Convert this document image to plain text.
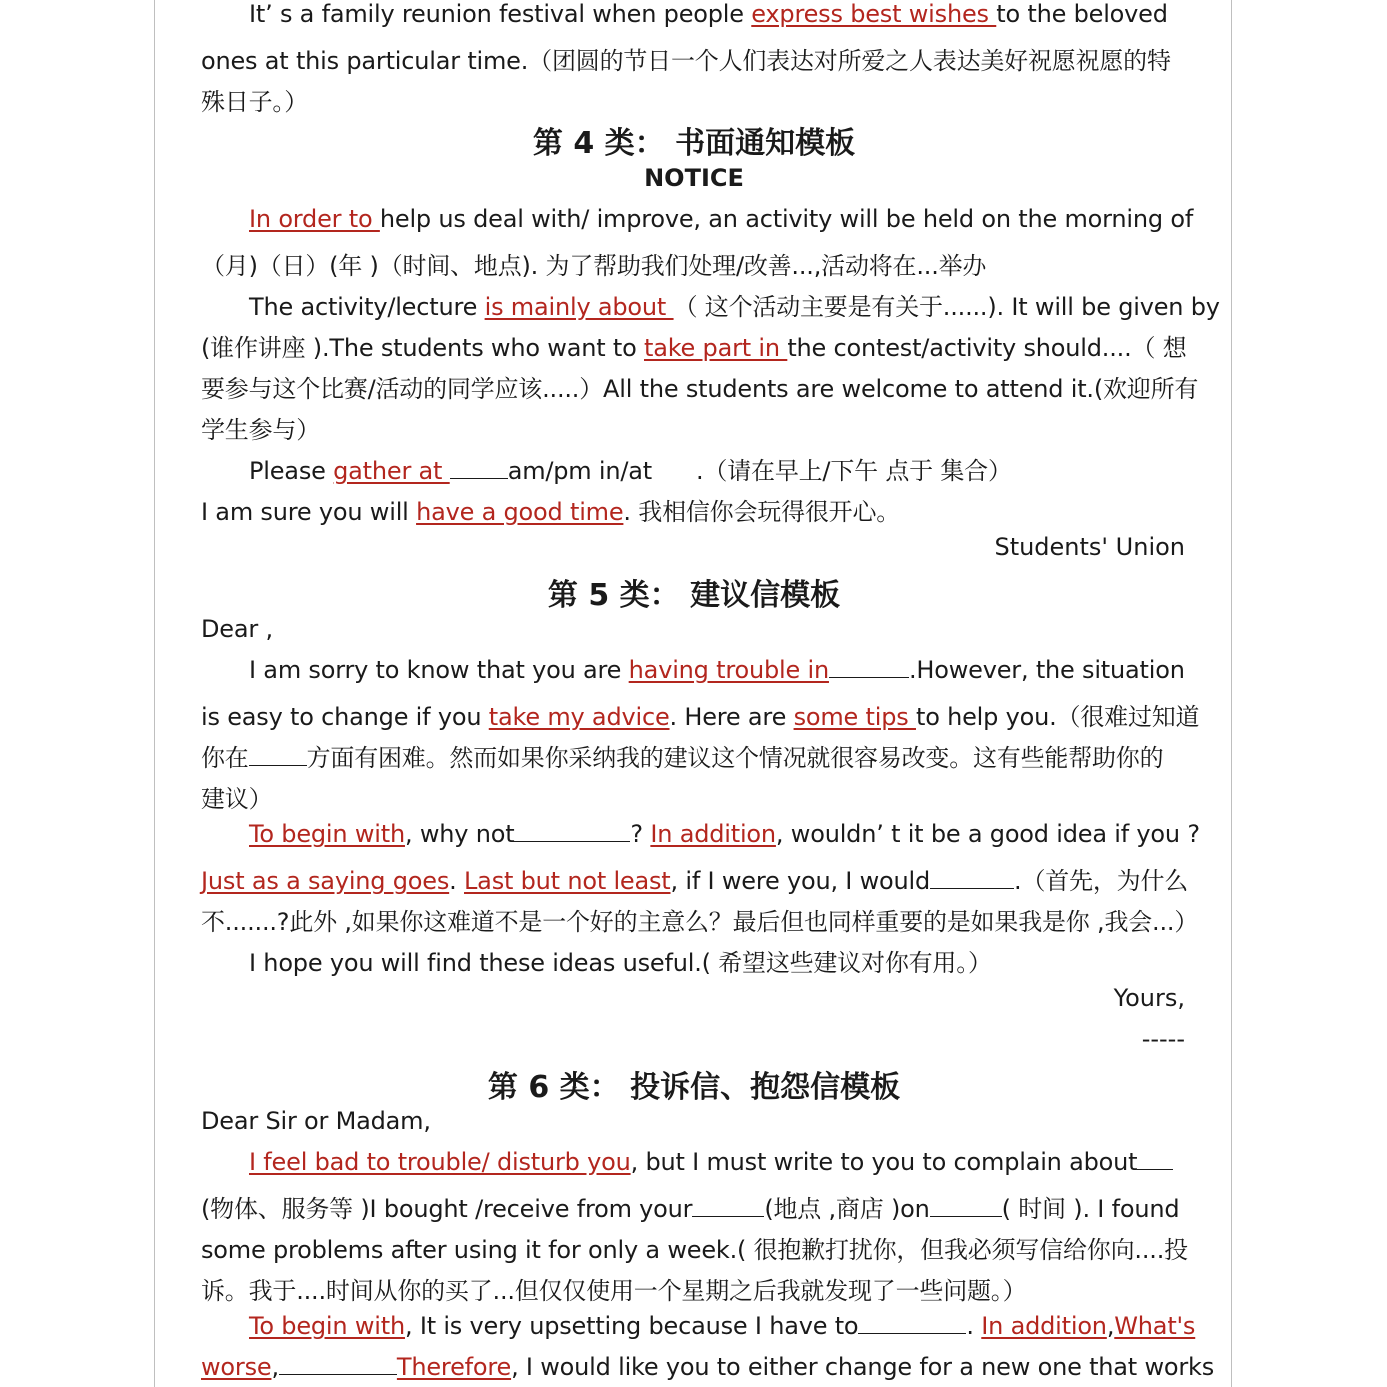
It’ s a family reunion festival when people express best wishes to the beloved
ones at this particular time.（团圆的节日一个人们表达对所爱之人表达美好祝愿祝愿的特
殊日子。）
第 4 类： 书面通知模板
NOTICE
In order to help us deal with/ improve, an activity will be held on the morning of
（月)（日）(年 )（时间、地点). 为了帮助我们处理/改善...,活动将在...举办
The activity/lecture is mainly about （ 这个活动主要是有关于......). It will be given by
(谁作讲座 ).The students who want to take part in the contest/activity should....（ 想
要参与这个比赛/活动的同学应该.....）All the students are welcome to attend it.(欢迎所有
学生参与）
Please gather at am/pm in/at .（请在早上/下午 点于 集合）
I am sure you will have a good time. 我相信你会玩得很开心。
Students' Union
第 5 类： 建议信模板
Dear ,
I am sorry to know that you are having trouble in	.However, the situation
is easy to change if you take my advice. Here are some tips to help you.（很难过知道
你在 方面有困难。然而如果你采纳我的建议这个情况就很容易改变。这有些能帮助你的
建议）
To begin with, why not	? In addition, wouldn’ t it be a good idea if you ?
Just as a saying goes. Last but not least, if I were you, I would	.（首先，为什么
不.......?此外 ,如果你这难道不是一个好的主意么？最后但也同样重要的是如果我是你 ,我会...）
I hope you will find these ideas useful.( 希望这些建议对你有用。）
Yours,
-----
第 6 类： 投诉信、抱怨信模板
Dear Sir or Madam,
I feel bad to trouble/ disturb you, but I must write to you to complain about
(物体、服务等 )I bought /receive from your	(地点 ,商店 )on	( 时间 ). I found
some problems after using it for only a week.( 很抱歉打扰你，但我必须写信给你向....投
诉。我于....时间从你的买了...但仅仅使用一个星期之后我就发现了一些问题。）
To begin with, It is very upsetting because I have to	. In addition,What's
worse,	Therefore, I would like you to either change for a new one that works
